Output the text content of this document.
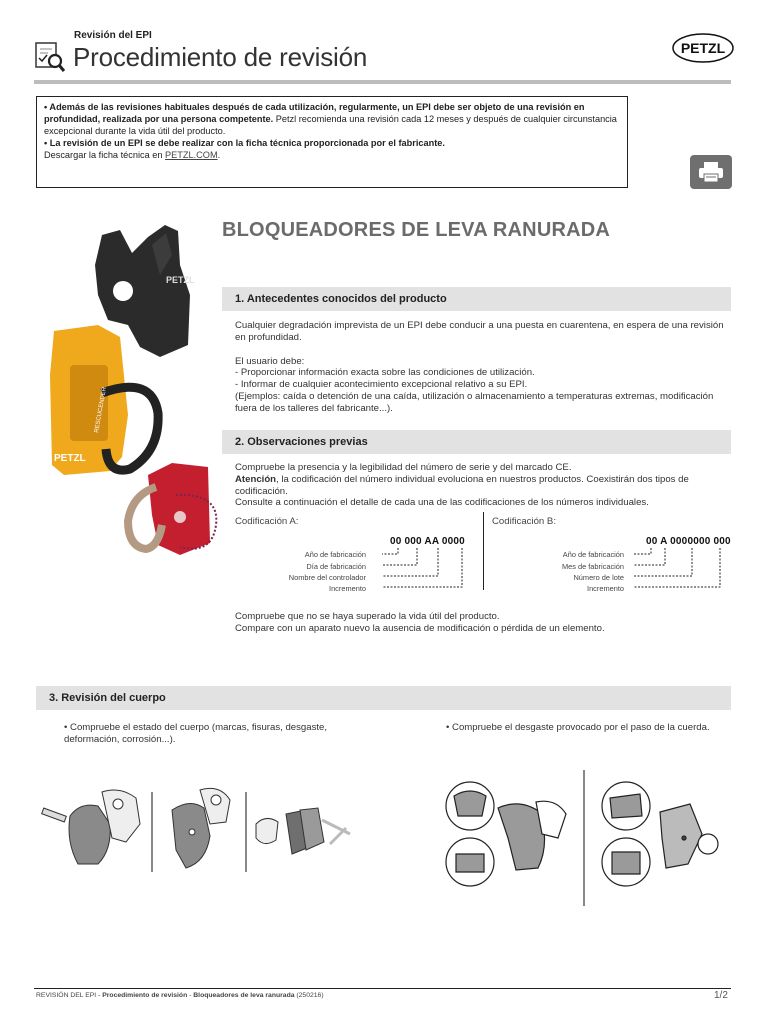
Revisión del EPI
Procedimiento de revisión	PETZL
• Además de las revisiones habituales después de cada utilización, regularmente, un EPI debe ser objeto de una revisión en profundidad, realizada por una persona competente. Petzl recomienda una revisión cada 12 meses y después de cualquier circunstancia excepcional durante la vida útil del producto.
• La revisión de un EPI se debe realizar con la ficha técnica proporcionada por el fabricante.
Descargar la ficha técnica en PETZL.COM.
PETZL
PETZL
RESCUCENDER
BLOQUEADORES DE LEVA RANURADA
1. Antecedentes conocidos del producto
Cualquier degradación imprevista de un EPI debe conducir a una puesta en cuarentena, en espera de una revisión en profundidad.
El usuario debe:
- Proporcionar información exacta sobre las condiciones de utilización.
- Informar de cualquier acontecimiento excepcional relativo a su EPI.
(Ejemplos: caída o detención de una caída, utilización o almacenamiento a temperaturas extremas, modificación fuera de los talleres del fabricante...).
2. Observaciones previas
Compruebe la presencia y la legibilidad del número de serie y del marcado CE.
Atención, la codificación del número individual evoluciona en nuestros productos. Coexistirán dos tipos de codificación.
Consulte a continuación el detalle de cada una de las codificaciones de los números individuales.
Codificación A:
00 000 AA 0000
Año de fabricación
Día de fabricación
Nombre del controlador
Incremento
Codificación B:
00 A 0000000 000
Año de fabricación
Mes de fabricación
Número de lote
Incremento
Compruebe que no se haya superado la vida útil del producto.
Compare con un aparato nuevo la ausencia de modificación o pérdida de un elemento.
3. Revisión del cuerpo
• Compruebe el estado del cuerpo (marcas, fisuras, desgaste, deformación, corrosión...).
• Compruebe el desgaste provocado por el paso de la cuerda.
REVISIÓN DEL EPI - Procedimiento de revisión - Bloqueadores de leva ranurada (250216)	1/2
